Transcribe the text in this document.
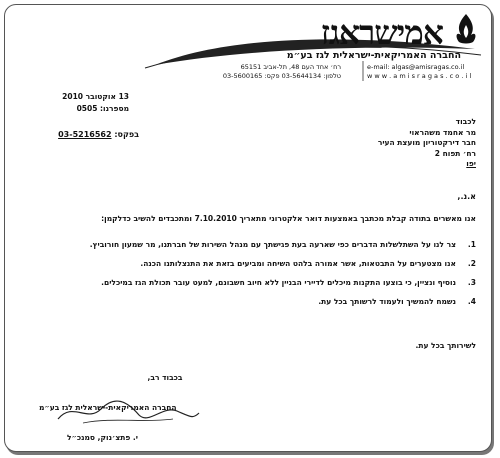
אמישראגז
החברה האמריקאית-ישראלית לגז בע״מ
רח׳ אחד העם 48, תל-אביב 65151
טלפון: 03-5644134 פקס: 03-5600165
e-mail: algas@amisragas.co.il
w w w . a m i s r a g a s . c o . i l
13 אוקטובר 2010
מספרנו: 0505
בפקס: 03-5216562
לכבוד
מר אחמד משהראוי
חבר דירקטוריון מועצת העיר
רח׳ תפוח 2
יפו
א.נ.,
אנו מאשרים בתודה קבלת מכתבך באמצעות דואר אלקטרוני מתאריך 7.10.2010 ומתכבדים להשיב כדלקמן:
1.
צר לנו על השתלשלות הדברים כפי שארעה בעת פגישתך עם מנהל השירות של חברתנו, מר שמעון חורוביץ.
2.
אנו מצטערים על התבטאות, אשר אמורה בלהט השיחה ומביעים בזאת את התנצלותנו הכנה.
3.
נוסיף ונציין, כי בוצעו התקנות מיכלים לדיירי הבניין ללא חיוב חשבונם, למעט עובר תכולת הגז במיכלים.
4.
נשמח להמשיך ולעמוד לרשותך בכל עת.
לשירותך בכל עת.
בכבוד רב,
החברה האמריקאית-ישראלית לגז בע״מ
י. פתצ׳נוק, סמנכ״ל
